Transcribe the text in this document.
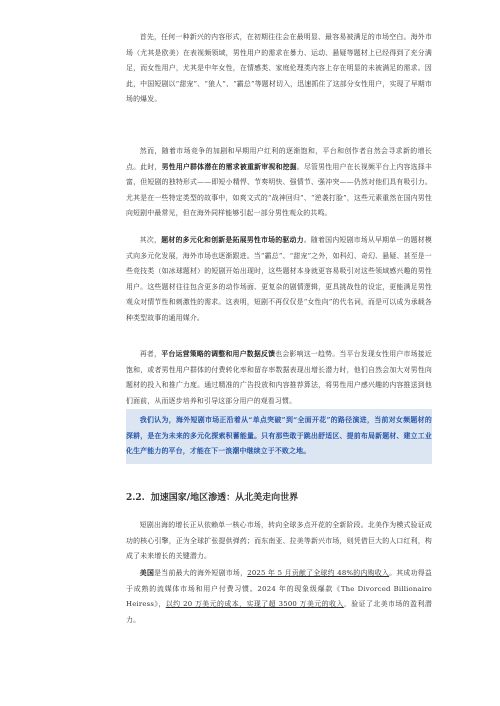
首先，任何一种新兴的内容形式，在初期往往会在最明显、最容易被满足的市场空白。海外市场（尤其是欧美）在表视频领域，男性用户的需求在暴力、运动、悬疑等题材上已经得到了充分满足，而女性用户，尤其是中年女性，在情感类、家庭伦理类内容上存在明显的未被满足的需求。因此，中国短剧以“甜宠”、“狼人”、“霸总”等题材切入，迅速抓住了这部分女性用户，实现了早期市场的爆发。

然而，随着市场竞争的加剧和早期用户红利的逐渐饱和，平台和创作者自然会寻求新的增长点。此时，男性用户群体潜在的需求被重新审视和挖掘。尽管男性用户在长视频平台上内容选择丰富，但短剧的独特形式——即短小精悍、节奏明快、强情节、强冲突——仍然对他们具有吸引力。尤其是在一些特定类型的故事中，如爽文式的“战神回归”、“逆袭打脸”，这些元素重然在国内男性向短剧中最常见，但在海外同样能够引起一部分男性观众的共鸣。

其次，题材的多元化和创新是拓展男性市场的驱动力。随着国内短剧市场从早期单一的题材模式向多元化发展，海外市场也逐渐跟进。当“霸总”、“甜宠”之外，如科幻、奇幻、悬疑、甚至是一些竞技类（如冰球题材）的短剧开始出现时，这些题材本身就更容易吸引对这些领域感兴趣的男性用户。这些题材往往包含更多的动作场面、更复杂的剧情逻辑，更具挑战性的设定，更能满足男性观众对情节性和刺激性的需求。这表明，短剧不再仅仅是“女性向”的代名词，而是可以成为承载各种类型故事的通用媒介。

再者，平台运营策略的调整和用户数据反馈也会影响这一趋势。当平台发现女性用户市场接近饱和，或者男性用户群体的付费转化率和留存率数据表现出增长潜力时，他们自然会加大对男性向题材的投入和推广力度。通过精准的广告投放和内容推荐算法，将男性用户感兴趣的内容推送到他们面前，从而逐步培养和引导这部分用户的观看习惯。

我们认为，海外短剧市场正沿着从“单点突破”到“全面开花”的路径演进，当前对女频题材的深耕，是在为未来的多元化探索积蓄能量。只有那些敢于跳出舒适区、提前布局新题材、建立工业化生产能力的平台，才能在下一浪潮中继续立于不败之地。

2.2. 加速国家/地区渗透：从北美走向世界

短剧出海的增长正从依赖单一核心市场，转向全球多点开花的全新阶段。北美作为模式验证成功的核心引擎，正为全球扩张提供弹药；而东南亚、拉美等新兴市场，则凭借巨大的人口红利，构成了未来增长的关键潜力。

美国是当前最大的海外短剧市场，2025 年 5 月贡献了全球约 48%的内购收入。其成功得益于成熟的流媒体市场和用户付费习惯。2024 年的现象级爆款《The Divorced Billionaire Heiress》，以约 20 万美元的成本，实现了超 3500 万美元的收入，验证了北美市场的盈利潜力。
